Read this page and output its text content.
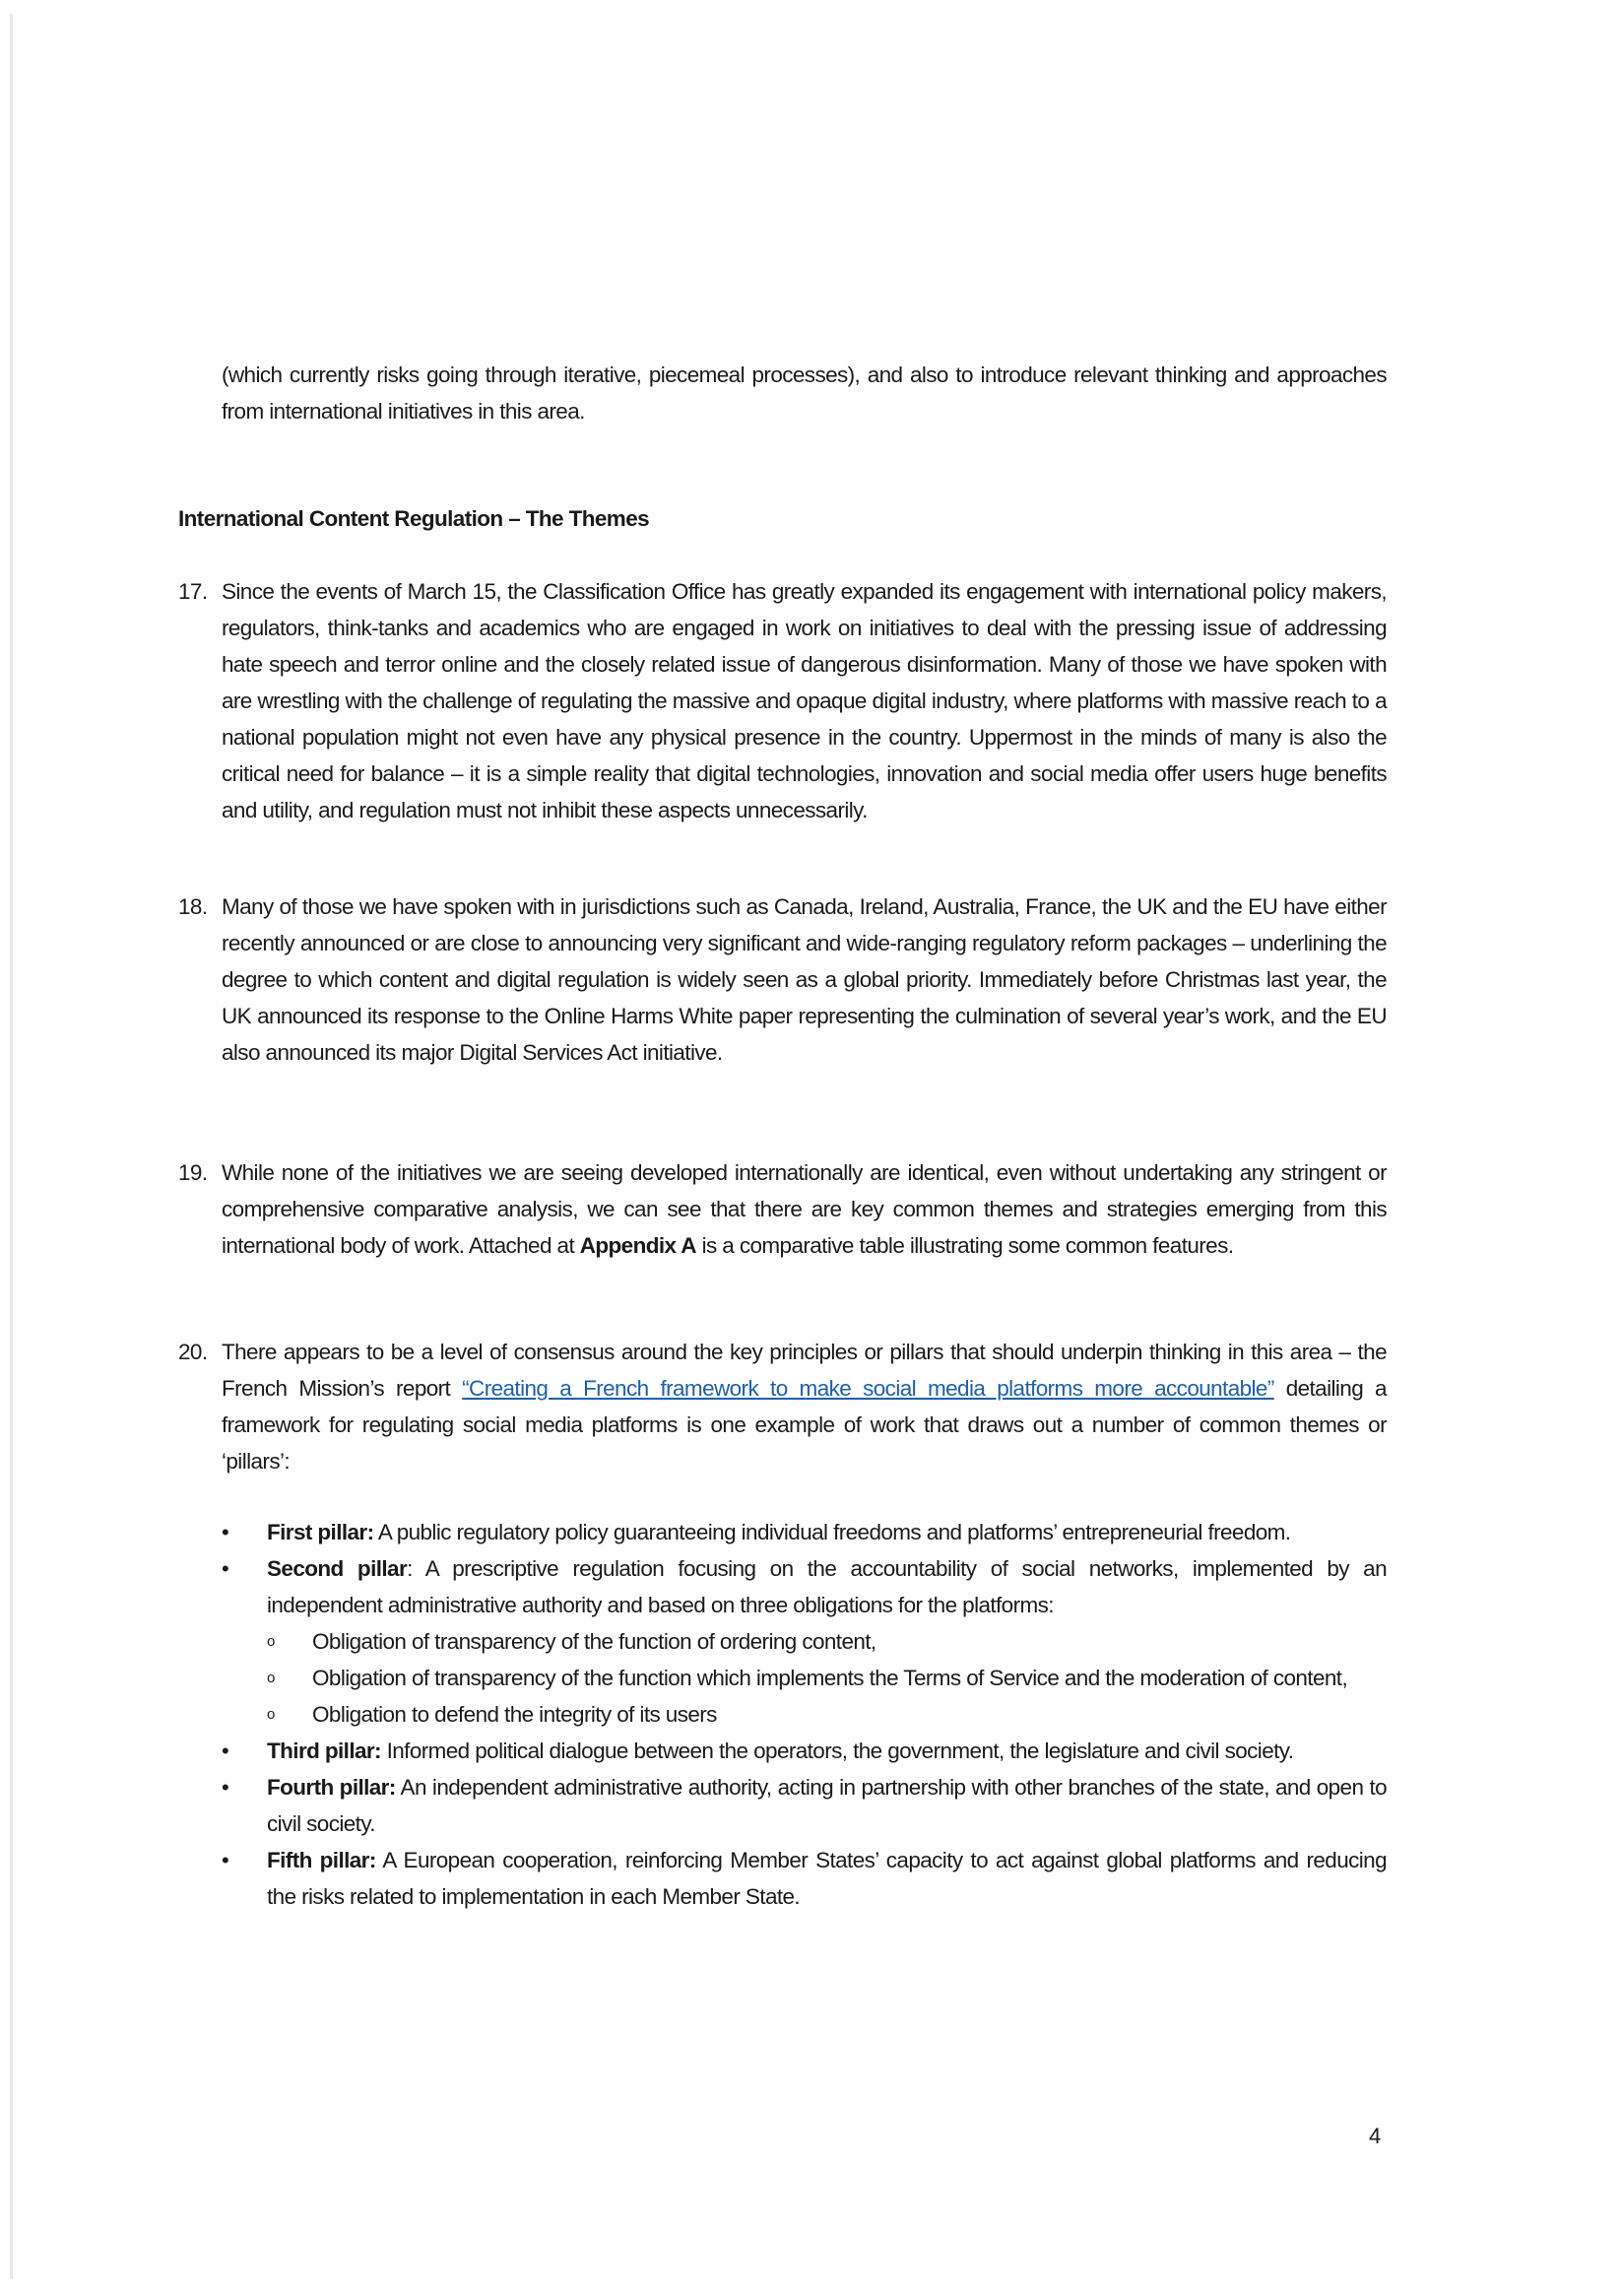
(which currently risks going through iterative, piecemeal processes), and also to introduce relevant thinking and approaches from international initiatives in this area.

International Content Regulation – The Themes
17. Since the events of March 15, the Classification Office has greatly expanded its engagement with international policy makers, regulators, think-tanks and academics who are engaged in work on initiatives to deal with the pressing issue of addressing hate speech and terror online and the closely related issue of dangerous disinformation. Many of those we have spoken with are wrestling with the challenge of regulating the massive and opaque digital industry, where platforms with massive reach to a national population might not even have any physical presence in the country. Uppermost in the minds of many is also the critical need for balance – it is a simple reality that digital technologies, innovation and social media offer users huge benefits and utility, and regulation must not inhibit these aspects unnecessarily.
18. Many of those we have spoken with in jurisdictions such as Canada, Ireland, Australia, France, the UK and the EU have either recently announced or are close to announcing very significant and wide-ranging regulatory reform packages – underlining the degree to which content and digital regulation is widely seen as a global priority. Immediately before Christmas last year, the UK announced its response to the Online Harms White paper representing the culmination of several year’s work, and the EU also announced its major Digital Services Act initiative.
19. While none of the initiatives we are seeing developed internationally are identical, even without undertaking any stringent or comprehensive comparative analysis, we can see that there are key common themes and strategies emerging from this international body of work. Attached at Appendix A is a comparative table illustrating some common features.
20. There appears to be a level of consensus around the key principles or pillars that should underpin thinking in this area – the French Mission’s report “Creating a French framework to make social media platforms more accountable” detailing a framework for regulating social media platforms is one example of work that draws out a number of common themes or ‘pillars’:
•	First pillar: A public regulatory policy guaranteeing individual freedoms and platforms’ entrepreneurial freedom.
•	Second pillar: A prescriptive regulation focusing on the accountability of social networks, implemented by an independent administrative authority and based on three obligations for the platforms:
o Obligation of transparency of the function of ordering content,
o Obligation of transparency of the function which implements the Terms of Service and the moderation of content,
o Obligation to defend the integrity of its users
•	Third pillar: Informed political dialogue between the operators, the government, the legislature and civil society.
•	Fourth pillar: An independent administrative authority, acting in partnership with other branches of the state, and open to civil society.
•	Fifth pillar: A European cooperation, reinforcing Member States’ capacity to act against global platforms and reducing the risks related to implementation in each Member State.
4
